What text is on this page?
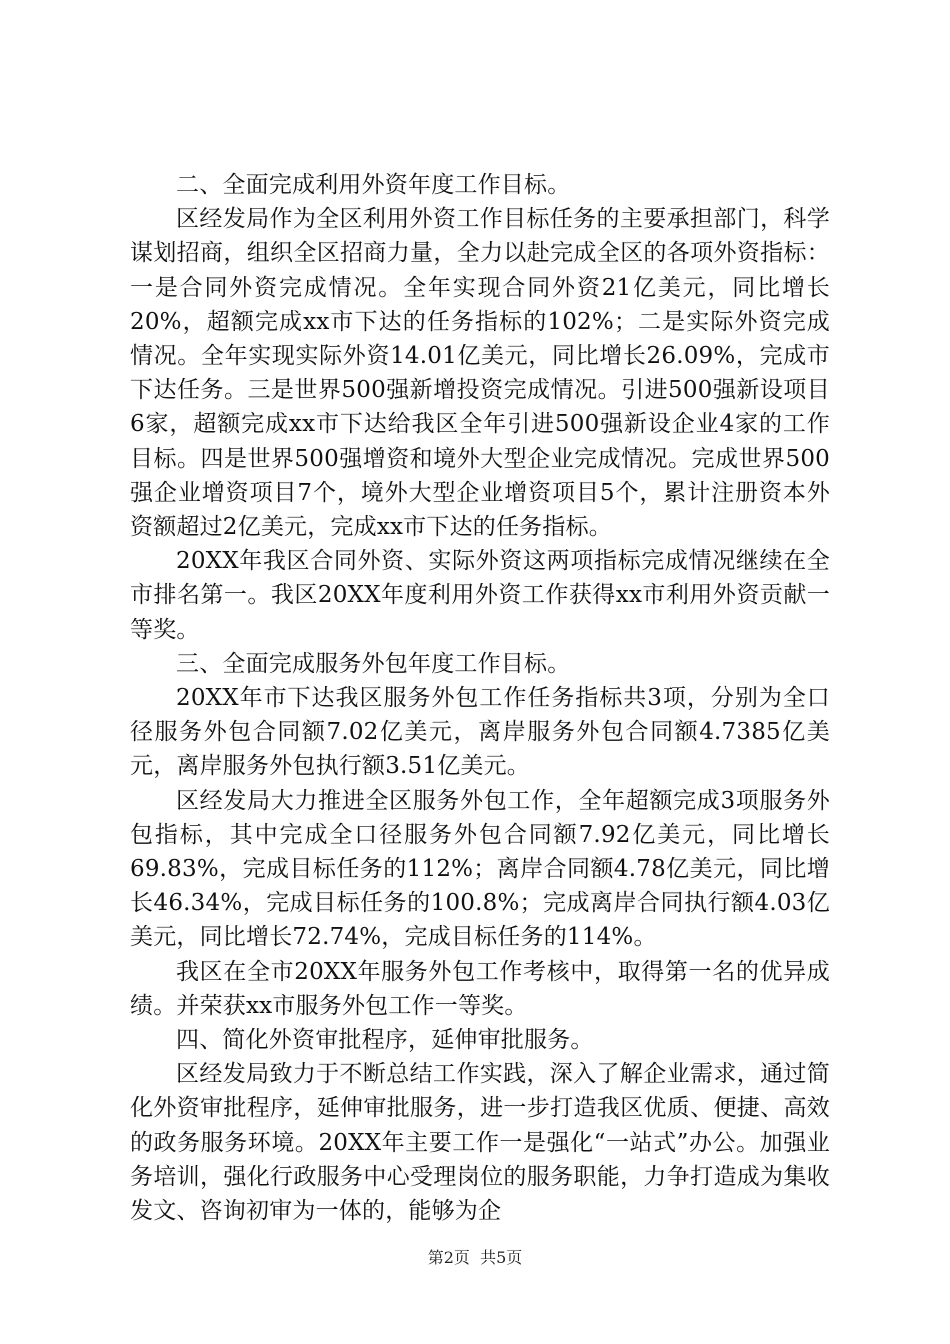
二、全面完成利用外资年度工作目标。

区经发局作为全区利用外资工作目标任务的主要承担部门，科学谋划招商，组织全区招商力量，全力以赴完成全区的各项外资指标：一是合同外资完成情况。全年实现合同外资21亿美元，同比增长20%，超额完成xx市下达的任务指标的102%；二是实际外资完成情况。全年实现实际外资14.01亿美元，同比增长26.09%，完成市下达任务。三是世界500强新增投资完成情况。引进500强新设项目6家，超额完成xx市下达给我区全年引进500强新设企业4家的工作目标。四是世界500强增资和境外大型企业完成情况。完成世界500强企业增资项目7个，境外大型企业增资项目5个，累计注册资本外资额超过2亿美元，完成xx市下达的任务指标。

20XX年我区合同外资、实际外资这两项指标完成情况继续在全市排名第一。我区20XX年度利用外资工作获得xx市利用外资贡献一等奖。

三、全面完成服务外包年度工作目标。

20XX年市下达我区服务外包工作任务指标共3项，分别为全口径服务外包合同额7.02亿美元，离岸服务外包合同额4.7385亿美元，离岸服务外包执行额3.51亿美元。

区经发局大力推进全区服务外包工作，全年超额完成3项服务外包指标，其中完成全口径服务外包合同额7.92亿美元，同比增长69.83%，完成目标任务的112%；离岸合同额4.78亿美元，同比增长46.34%，完成目标任务的100.8%；完成离岸合同执行额4.03亿美元，同比增长72.74%，完成目标任务的114%。

我区在全市20XX年服务外包工作考核中，取得第一名的优异成绩。并荣获xx市服务外包工作一等奖。

四、简化外资审批程序，延伸审批服务。

区经发局致力于不断总结工作实践，深入了解企业需求，通过简化外资审批程序，延伸审批服务，进一步打造我区优质、便捷、高效的政务服务环境。20XX年主要工作一是强化“一站式”办公。加强业务培训，强化行政服务中心受理岗位的服务职能，力争打造成为集收发文、咨询初审为一体的，能够为企

第2页  共5页
